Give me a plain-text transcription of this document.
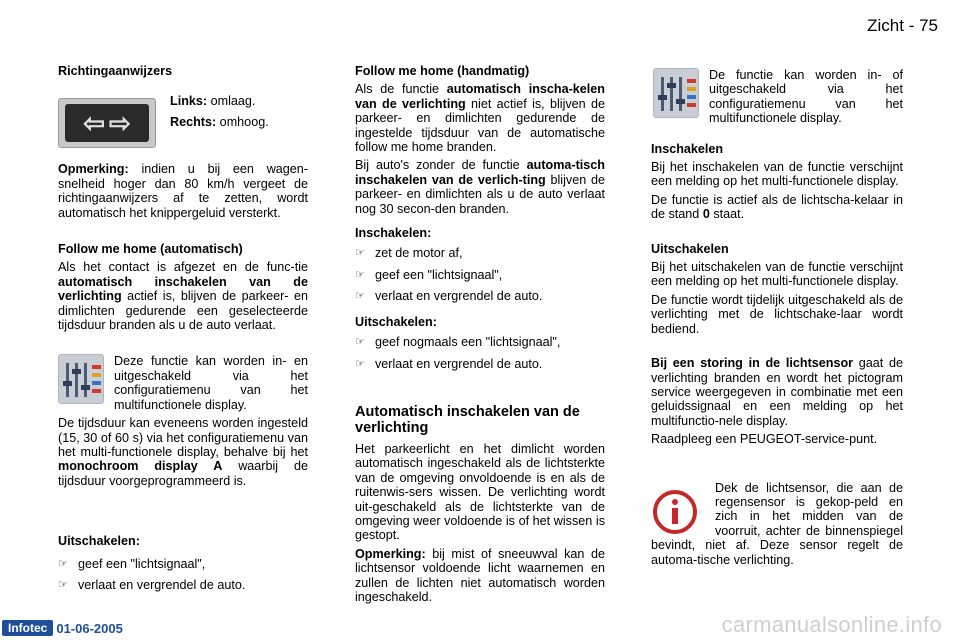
Zicht - 75
Richtingaanwijzers
⇦ ⇨
Links: omlaag.
Rechts: omhoog.
Opmerking: indien u bij een wagen-snelheid hoger dan 80 km/h vergeet de richtingaanwijzers af te zetten, wordt automatisch het knippergeluid versterkt.
Follow me home (automatisch)
Als het contact is afgezet en de func-tie automatisch inschakelen van de verlichting actief is, blijven de parkeer- en dimlichten gedurende een geselecteerde tijdsduur branden als u de auto verlaat.
Deze functie kan worden in- en uitgeschakeld via het configuratiemenu van het multifunctionele display.
De tijdsduur kan eveneens worden ingesteld (15, 30 of 60 s) via het configuratiemenu van het multi-functionele display, behalve bij het monochroom display A waarbij de tijdsduur voorgeprogrammeerd is.
Uitschakelen:
☞ geef een "lichtsignaal",
☞ verlaat en vergrendel de auto.
Follow me home (handmatig)
Als de functie automatisch inscha-kelen van de verlichting niet actief is, blijven de parkeer- en dimlichten gedurende de ingestelde tijdsduur van de automatische follow me home branden.
Bij auto's zonder de functie automa-tisch inschakelen van de verlich-ting blijven de parkeer- en dimlichten als u de auto verlaat nog 30 secon-den branden.
Inschakelen:
☞ zet de motor af,
☞ geef een "lichtsignaal",
☞ verlaat en vergrendel de auto.
Uitschakelen:
☞ geef nogmaals een "lichtsignaal",
☞ verlaat en vergrendel de auto.
Automatisch inschakelen van de verlichting
Het parkeerlicht en het dimlicht worden automatisch ingeschakeld als de lichtsterkte van de omgeving onvoldoende is en als de ruitenwis-sers wissen. De verlichting wordt uit-geschakeld als de lichtsterkte van de omgeving weer voldoende is of het wissen is gestopt.
Opmerking: bij mist of sneeuwval kan de lichtsensor voldoende licht waarnemen en zullen de lichten niet automatisch worden ingeschakeld.
De functie kan worden in- of uitgeschakeld via het configuratiemenu van het multifunctionele display.
Inschakelen
Bij het inschakelen van de functie verschijnt een melding op het multi-functionele display.
De functie is actief als de lichtscha-kelaar in de stand 0 staat.
Uitschakelen
Bij het uitschakelen van de functie verschijnt een melding op het multi-functionele display.
De functie wordt tijdelijk uitgeschakeld als de verlichting met de lichtschake-laar wordt bediend.
Bij een storing in de lichtsensor gaat de verlichting branden en wordt het pictogram service weergegeven in combinatie met een geluidssignaal en een melding op het multifunctio-nele display.
Raadpleeg een PEUGEOT-service-punt.
Dek de lichtsensor, die aan de regensensor is gekop-peld en zich in het midden van de voorruit, achter de binnenspiegel bevindt, niet af. Deze sensor regelt de automa-tische verlichting.
Infotec 01-06-2005	carmanualsonline.info
